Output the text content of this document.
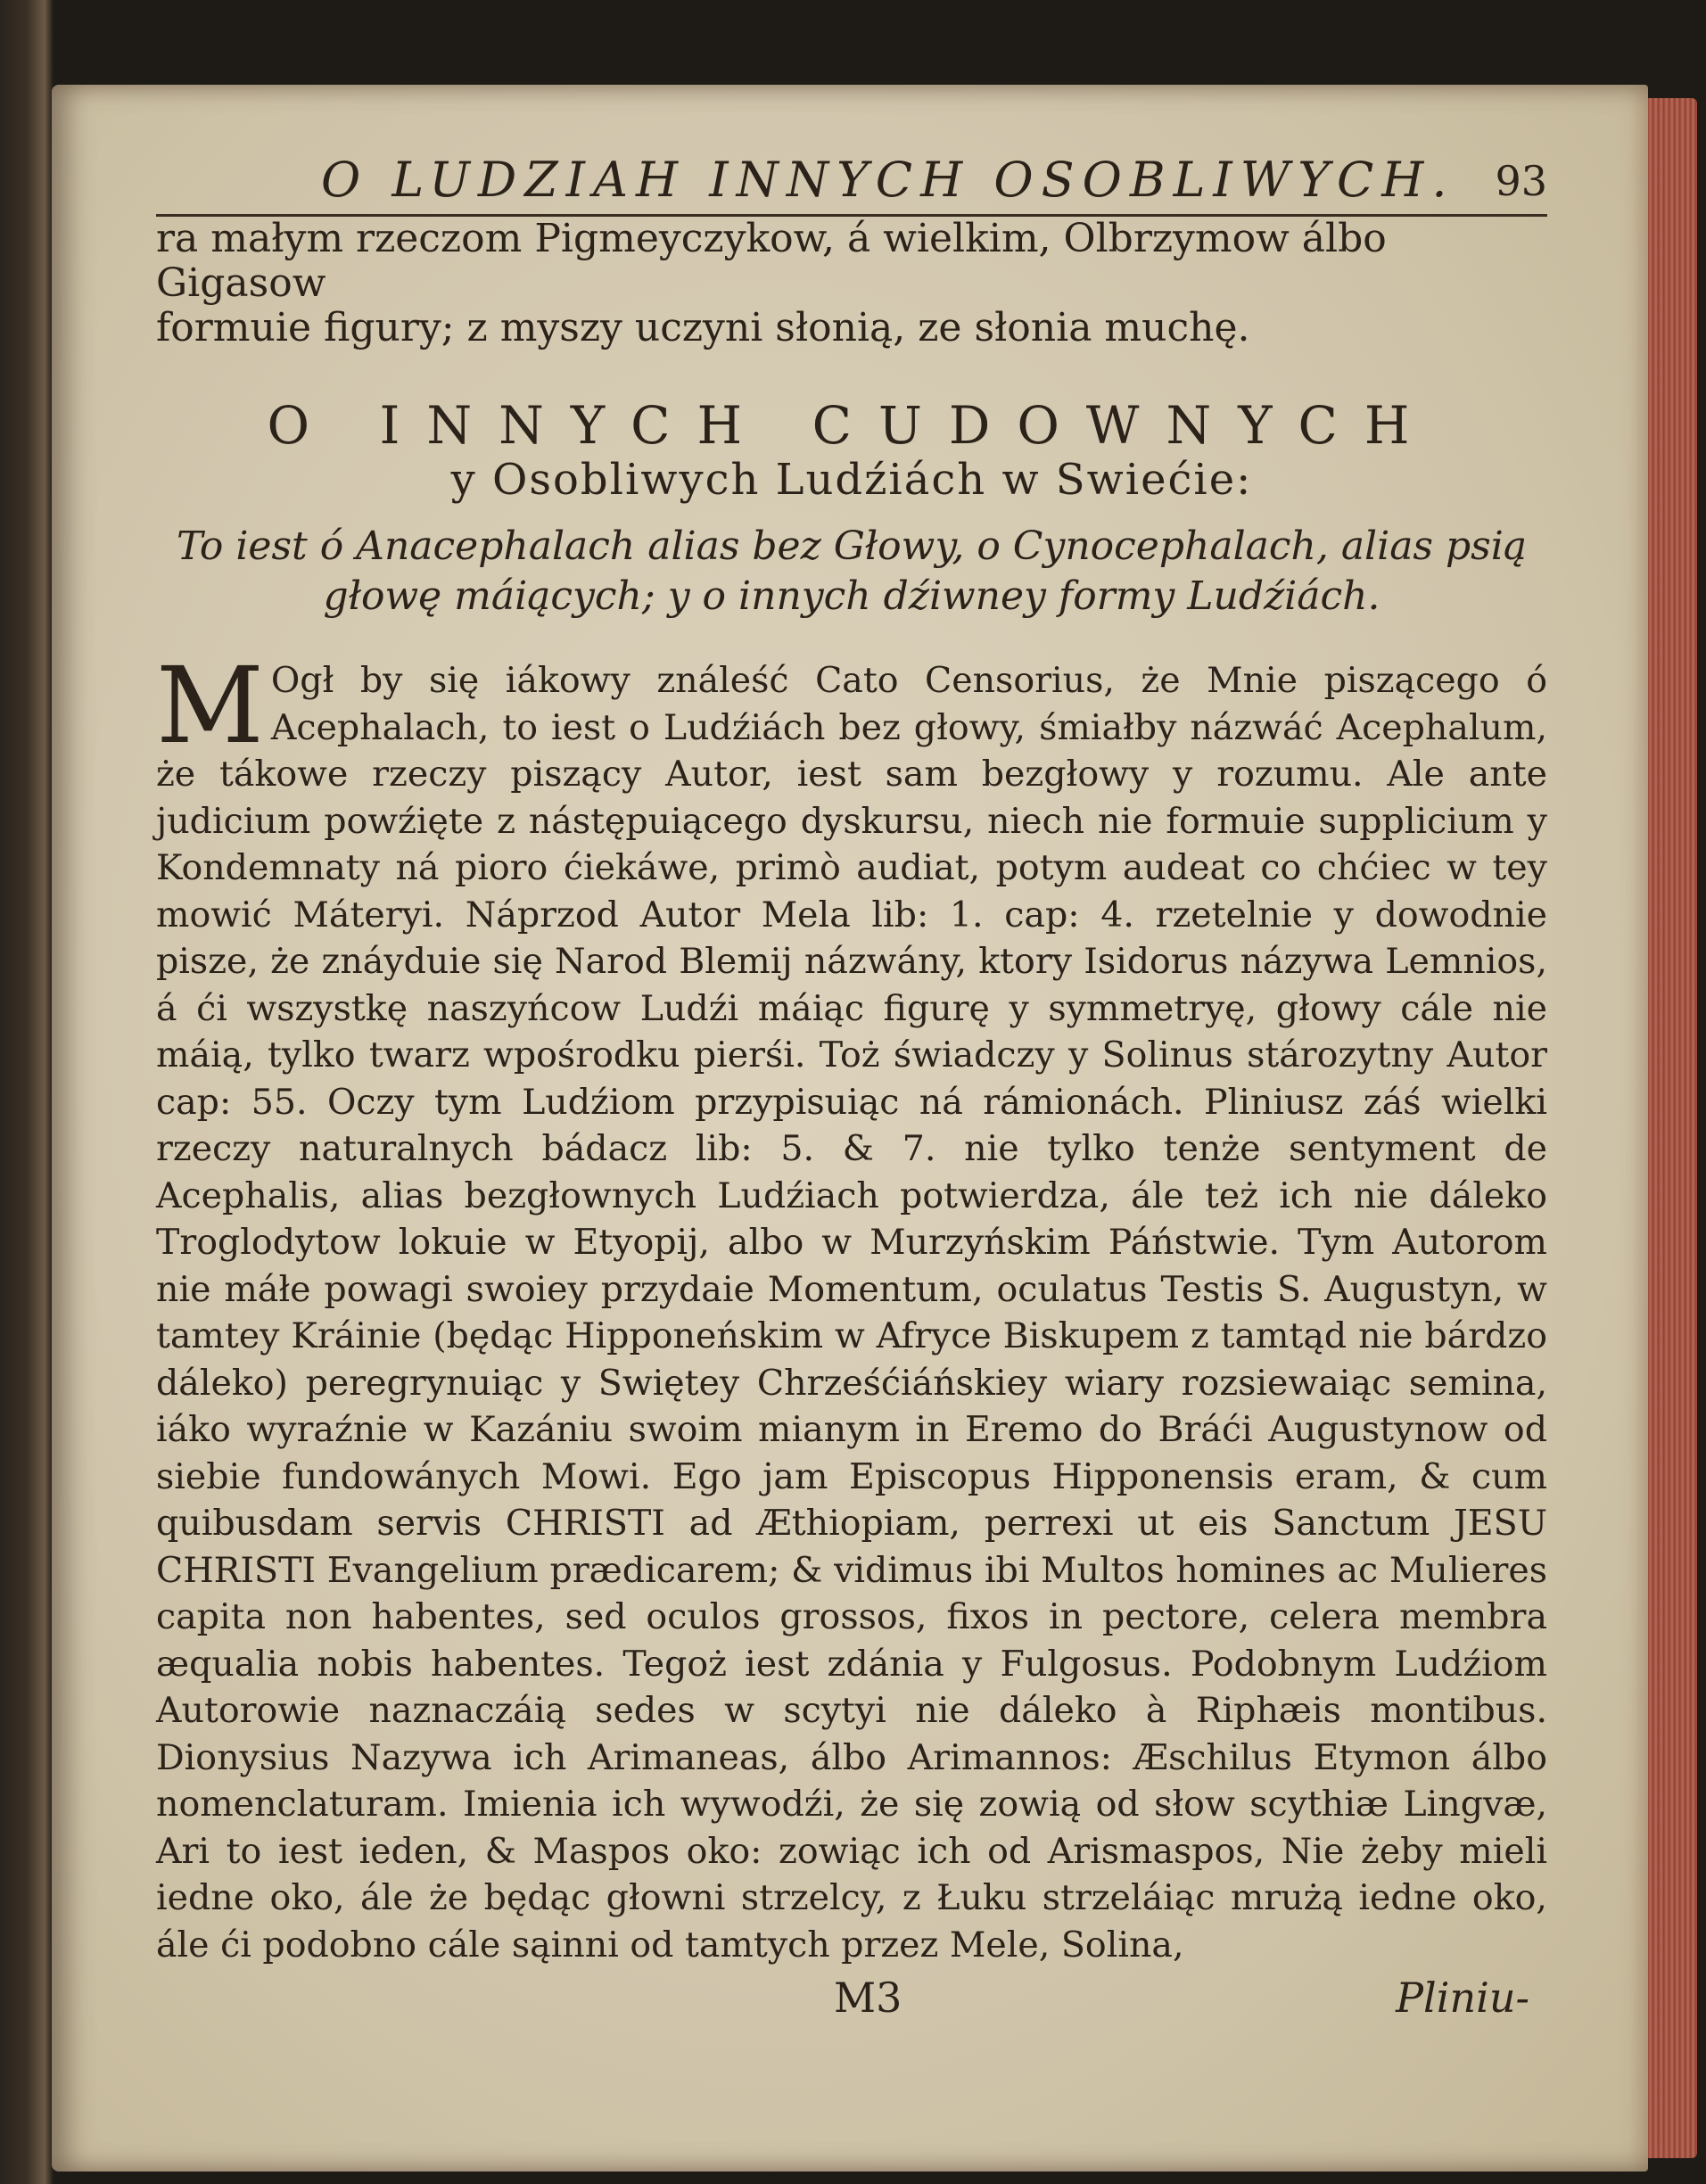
O LUDZIAH INNYCH OSOBLIWYCH. 93

ra małym rzeczom Pigmeyczykow, á wielkim, Olbrzymow álbo Gigasow

formuie figury; z myszy uczyni słonią, ze słonia muchę.

O INNYCH CUDOWNYCH

y Osobliwych Ludźiách w Swiećie:

To iest ó Anacephalach alias bez Głowy, o Cynocephalach, alias psią

głowę máiących; y o innych dźiwney formy Ludźiách.

M Ogł by się iákowy ználeść Cato Censorius, że Mnie piszącego ó Acephalach, to iest o Ludźiách bez głowy, śmiałby názwáć Acephalum, że tákowe rzeczy piszący Autor, iest sam bezgłowy y rozumu. Ale ante judicium powźięte z nástępuiącego dyskursu, niech nie formuie supplicium y Kondemnaty ná pioro ćiekáwe, primò audiat, potym audeat co chćiec w tey mowić Máteryi. Náprzod Autor Mela lib: 1. cap: 4. rzetelnie y dowodnie pisze, że znáyduie się Narod Blemij názwány, ktory Isidorus názywa Lemnios, á ći wszystkę naszyńcow Ludźi máiąc figurę y symmetryę, głowy cále nie máią, tylko twarz wpośrodku pierśi. Toż świadczy y Solinus stározytny Autor cap: 55. Oczy tym Ludźiom przypisuiąc ná rámionách. Pliniusz záś wielki rzeczy naturalnych bádacz lib: 5. & 7. nie tylko tenże sentyment de Acephalis, alias bezgłownych Ludźiach potwierdza, ále też ich nie dáleko Troglodytow lokuie w Etyopij, albo w Murzyńskim Páństwie. Tym Autorom nie máłe powagi swoiey przydaie Momentum, oculatus Testis S. Augustyn, w tamtey Kráinie (będąc Hipponeńskim w Afryce Biskupem z tamtąd nie bárdzo dáleko) peregrynuiąc y Swiętey Chrześćiáńskiey wiary rozsiewaiąc semina, iáko wyraźnie w Kazániu swoim mianym in Eremo do Bráći Augustynow od siebie fundowánych Mowi. Ego jam Episcopus Hipponensis eram, & cum quibusdam servis CHRISTI ad Æthiopiam, perrexi ut eis Sanctum JESU CHRISTI Evangelium prædicarem; & vidimus ibi Multos homines ac Mulieres capita non habentes, sed oculos grossos, fixos in pectore, celera membra æqualia nobis habentes. Tegoż iest zdánia y Fulgosus. Podobnym Ludźiom Autorowie naznaczáią sedes w scytyi nie dáleko à Riphæis montibus. Dionysius Nazywa ich Arimaneas, álbo Arimannos: Æschilus Etymon álbo nomenclaturam. Imienia ich wywodźi, że się zowią od słow scythiæ Lingvæ, Ari to iest ieden, & Maspos oko: zowiąc ich od Arismaspos, Nie żeby mieli iedne oko, ále że będąc głowni strzelcy, z Łuku strzeláiąc mrużą iedne oko, ále ći podobno cále sąinni od tamtych przez Mele, Solina,
M3	Pliniu-
